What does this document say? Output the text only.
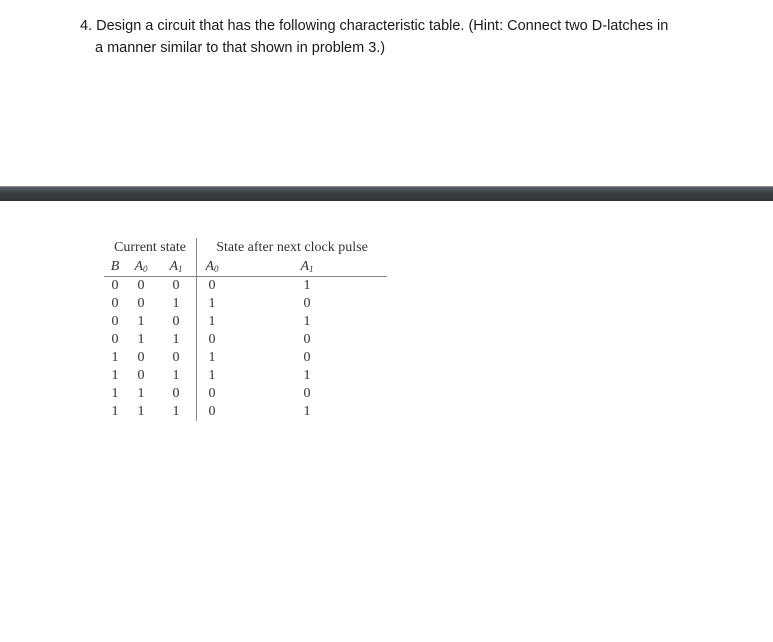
4. Design a circuit that has the following characteristic table. (Hint: Connect two D-latches in
a manner similar to that shown in problem 3.)
Current state			State after next clock pulse	
B	$A_0$	$A_1$	$A_0$	$A_1$
0	0	0	0	1
0	0	1	1	0
0	1	0	1	1
0	1	1	0	0
1	0	0	1	0
1	0	1	1	1
1	1	0	0	0
1	1	1	0	1
